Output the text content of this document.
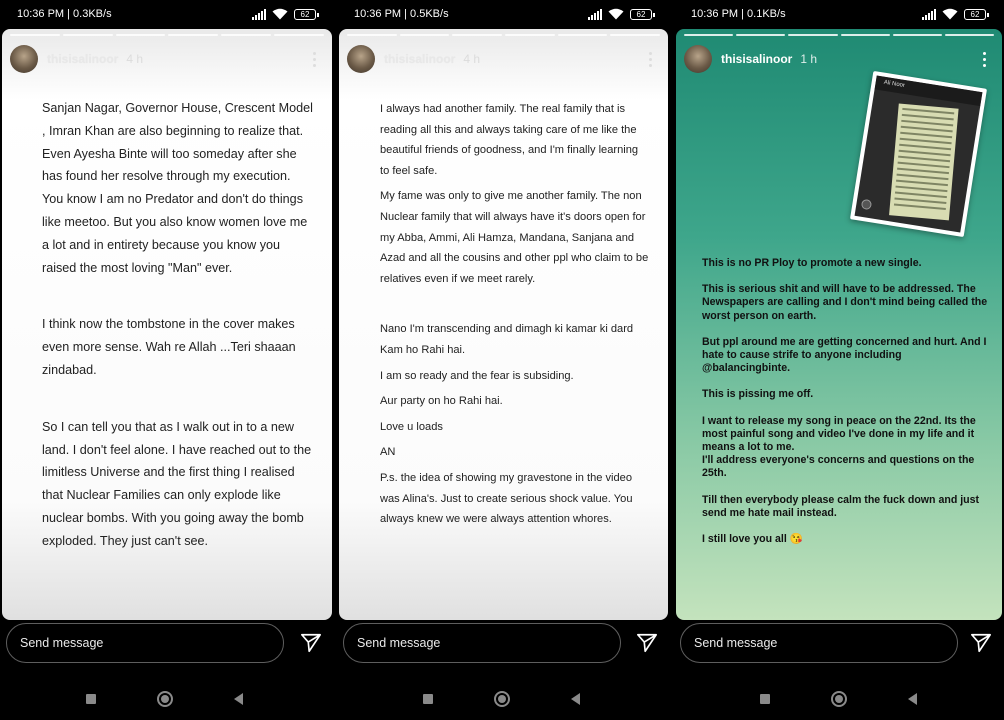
10:36 PM | 0.3KB/s	62
thisisalinoor 4 h

Sanjan Nagar, Governor House, Crescent Model , Imran Khan are also beginning to realize that. Even Ayesha Binte will too someday after she has found her resolve through my execution. You know I am no Predator and don't do things like meetoo. But you also know women love me a lot and in entirety because you know you raised the most loving "Man" ever.

I think now the tombstone in the cover makes even more sense. Wah re Allah ...Teri shaaan zindabad.

So I can tell you that as I walk out in to a new land. I don't feel alone. I have reached out to the limitless Universe and the first thing I realised that Nuclear Families can only explode like nuclear bombs. With you going away the bomb exploded. They just can't see.

Send message
10:36 PM | 0.5KB/s	62
thisisalinoor 4 h

I always had another family. The real family that is reading all this and always taking care of me like the beautiful friends of goodness, and I'm finally learning to feel safe.

My fame was only to give me another family. The non Nuclear family that will always have it's doors open for my Abba, Ammi, Ali Hamza, Mandana, Sanjana and Azad and all the cousins and other ppl who claim to be relatives even if we meet rarely.

Nano I'm transcending and dimagh ki kamar ki dard Kam ho Rahi hai.

I am so ready and the fear is subsiding.

Aur party on ho Rahi hai.

Love u loads

AN

P.s. the idea of showing my gravestone in the video was Alina's. Just to create serious shock value. You always knew we were always attention whores.

Send message
10:36 PM | 0.1KB/s	62
thisisalinoor 1 h
Ali Noor

This is no PR Ploy to promote a new single.

This is serious shit and will have to be addressed. The Newspapers are calling and I don't mind being called the worst person on earth.

But ppl around me are getting concerned and hurt. And I hate to cause strife to anyone including @balancingbinte.

This is pissing me off.

I want to release my song in peace on the 22nd. Its the most painful song and video I've done in my life and it means a lot to me.
I'll address everyone's concerns and questions on the 25th.

Till then everybody please calm the fuck down and just send me hate mail instead.

I still love you all 😘

Send message
